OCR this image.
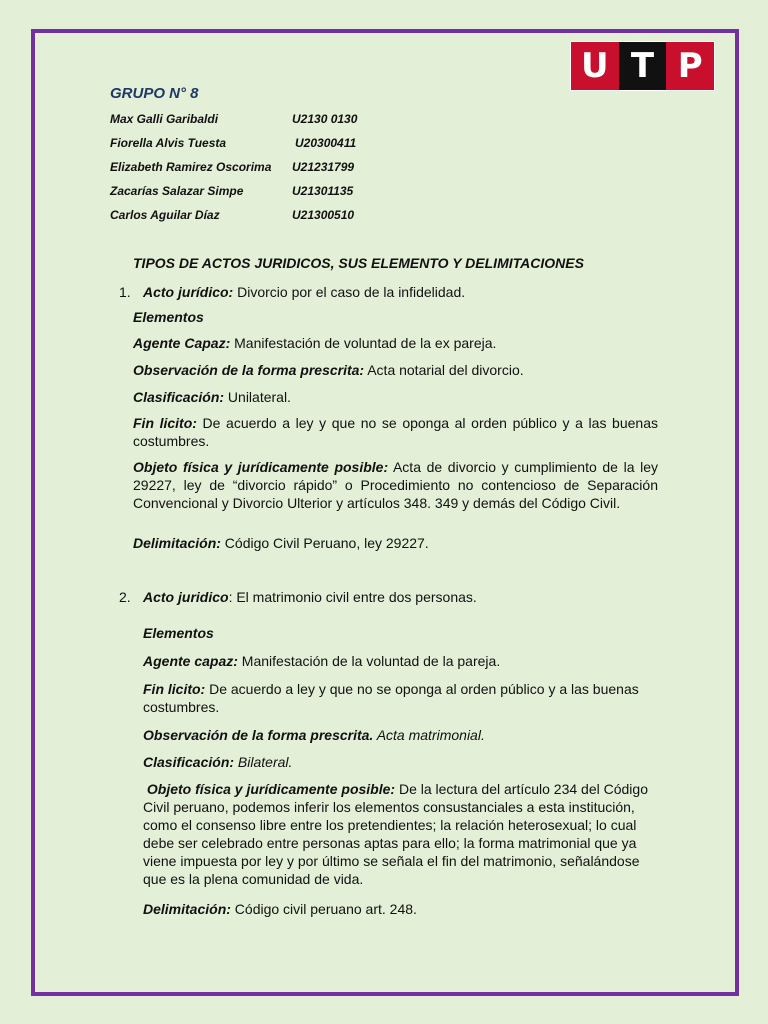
U T P
GRUPO N° 8
Max Galli Garibaldi	U2130 0130
Fiorella Alvis Tuesta	U20300411
Elizabeth Ramirez Oscorima U21231799
Zacarías Salazar Simpe	U21301135
Carlos Aguilar Díaz	U21300510
TIPOS DE ACTOS JURIDICOS, SUS ELEMENTO Y DELIMITACIONES
1. Acto jurídico: Divorcio por el caso de la infidelidad.
Elementos
Agente Capaz: Manifestación de voluntad de la ex pareja.
Observación de la forma prescrita: Acta notarial del divorcio.
Clasificación: Unilateral.
Fin licito: De acuerdo a ley y que no se oponga al orden público y a las buenas costumbres.
Objeto física y jurídicamente posible: Acta de divorcio y cumplimiento de la ley 29227, ley de “divorcio rápido” o Procedimiento no contencioso de Separación Convencional y Divorcio Ulterior y artículos 348. 349 y demás del Código Civil.
Delimitación: Código Civil Peruano, ley 29227.
2. Acto juridico: El matrimonio civil entre dos personas.
Elementos
Agente capaz: Manifestación de la voluntad de la pareja.
Fin licito: De acuerdo a ley y que no se oponga al orden público y a las buenas costumbres.
Observación de la forma prescrita. Acta matrimonial.
Clasificación: Bilateral.
Objeto física y jurídicamente posible: De la lectura del artículo 234 del Código Civil peruano, podemos inferir los elementos consustanciales a esta institución, como el consenso libre entre los pretendientes; la relación heterosexual; lo cual debe ser celebrado entre personas aptas para ello; la forma matrimonial que ya viene impuesta por ley y por último se señala el fin del matrimonio, señalándose que es la plena comunidad de vida.
Delimitación: Código civil peruano art. 248.
